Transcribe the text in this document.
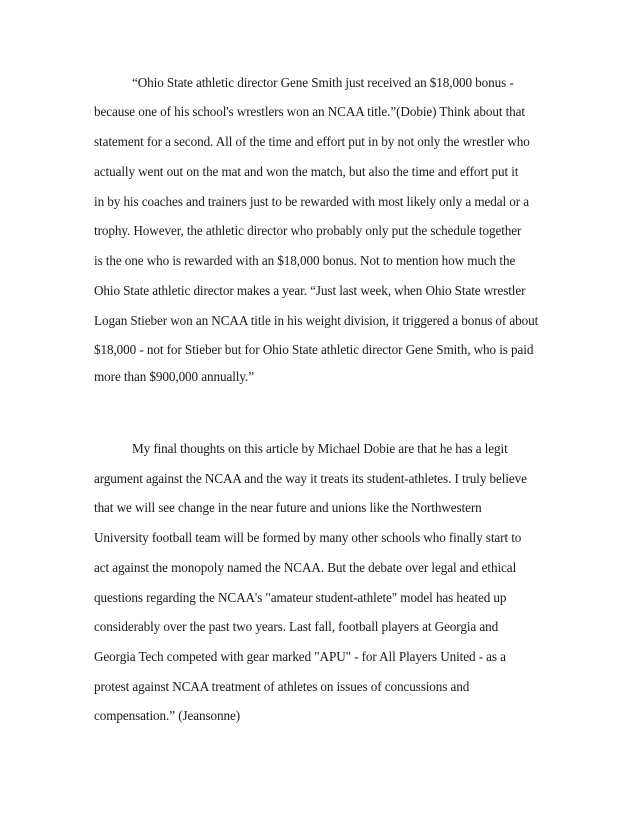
“Ohio State athletic director Gene Smith just received an $18,000 bonus -
because one of his school's wrestlers won an NCAA title.”(Dobie) Think about that
statement for a second. All of the time and effort put in by not only the wrestler who
actually went out on the mat and won the match, but also the time and effort put it
in by his coaches and trainers just to be rewarded with most likely only a medal or a
trophy. However, the athletic director who probably only put the schedule together
is the one who is rewarded with an $18,000 bonus. Not to mention how much the
Ohio State athletic director makes a year. “Just last week, when Ohio State wrestler
Logan Stieber won an NCAA title in his weight division, it triggered a bonus of about
$18,000 - not for Stieber but for Ohio State athletic director Gene Smith, who is paid
more than $900,000 annually.”
My final thoughts on this article by Michael Dobie are that he has a legit
argument against the NCAA and the way it treats its student-athletes. I truly believe
that we will see change in the near future and unions like the Northwestern
University football team will be formed by many other schools who finally start to
act against the monopoly named the NCAA. But the debate over legal and ethical
questions regarding the NCAA's "amateur student-athlete" model has heated up
considerably over the past two years. Last fall, football players at Georgia and
Georgia Tech competed with gear marked "APU" - for All Players United - as a
protest against NCAA treatment of athletes on issues of concussions and
compensation.” (Jeansonne)
